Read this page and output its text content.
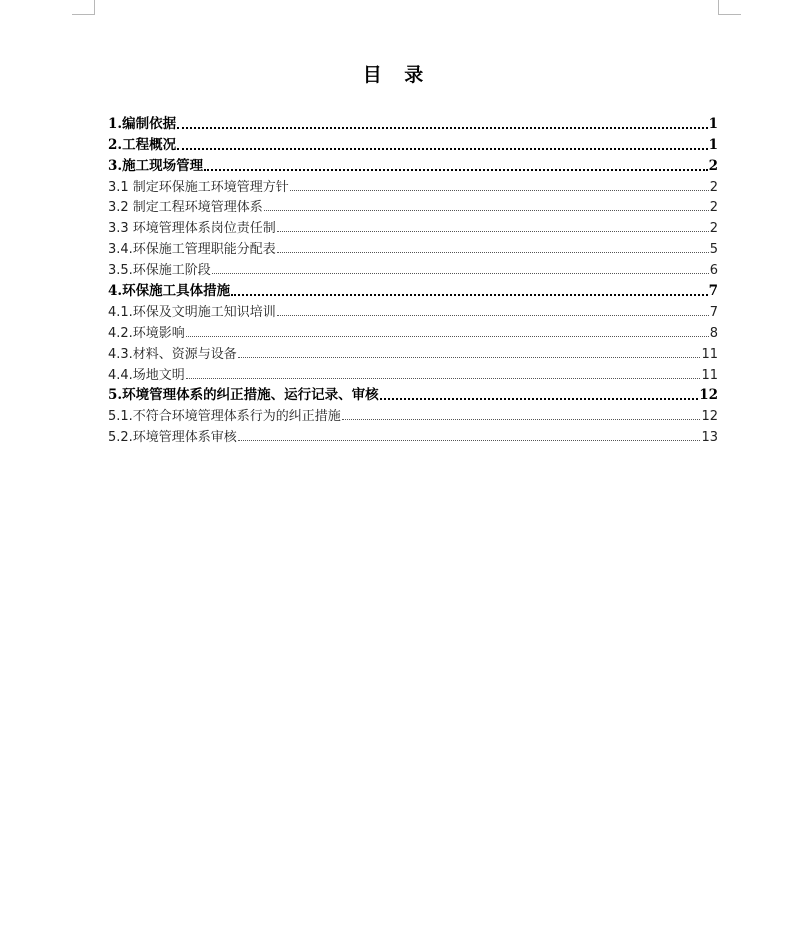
目 录
1.编制依据	1
2.工程概况	1
3.施工现场管理	2
3.1 制定环保施工环境管理方针	2
3.2 制定工程环境管理体系	2
3.3 环境管理体系岗位责任制	2
3.4.环保施工管理职能分配表	5
3.5.环保施工阶段	6
4.环保施工具体措施	7
4.1.环保及文明施工知识培训	7
4.2.环境影响	8
4.3.材料、资源与设备	11
4.4.场地文明	11
5.环境管理体系的纠正措施、运行记录、审核	12
5.1.不符合环境管理体系行为的纠正措施	12
5.2.环境管理体系审核	13
